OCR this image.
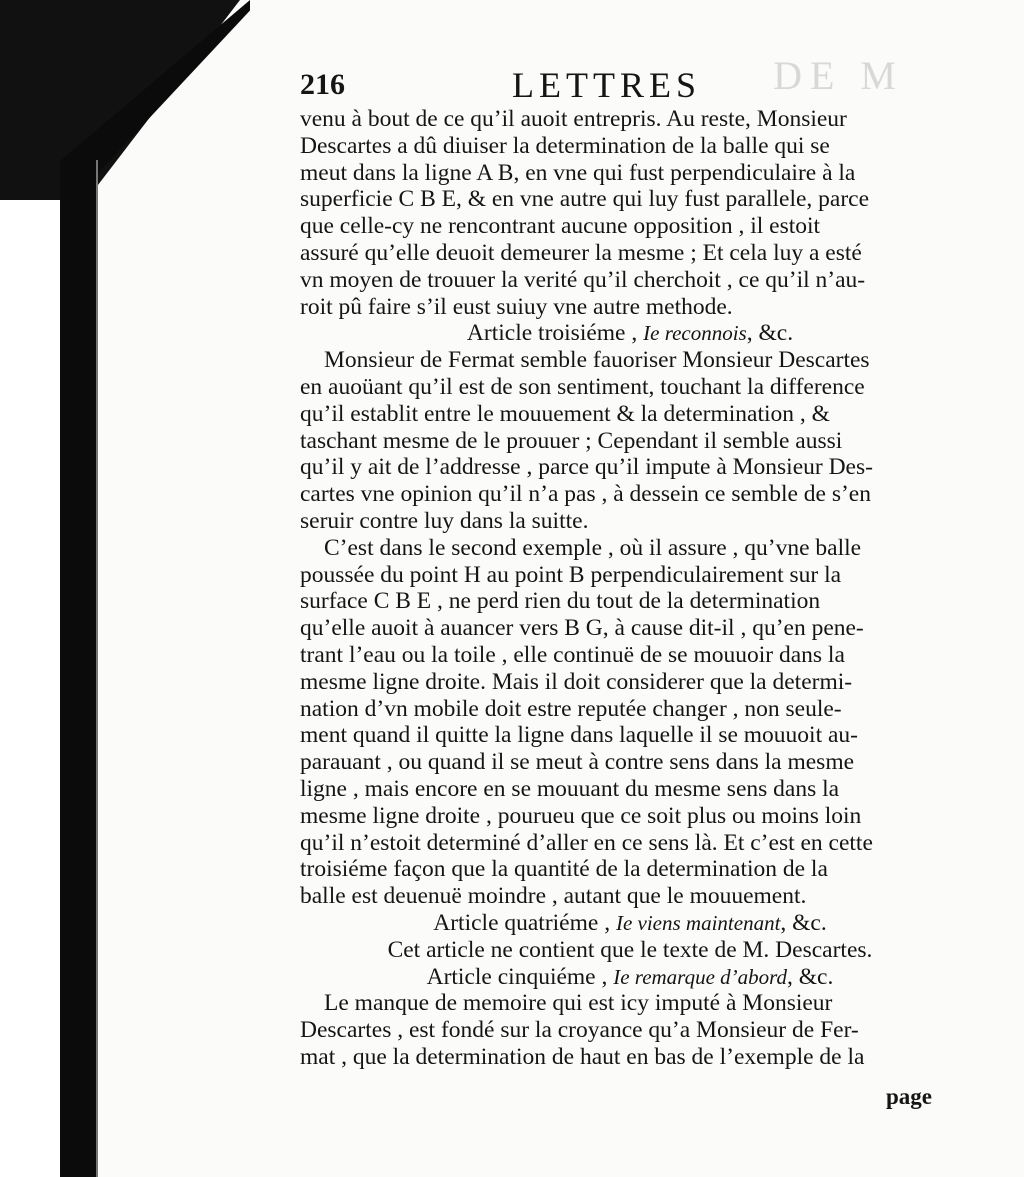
DE M
216	LETTRES
venu à bout de ce qu’il auoit entrepris. Au reste, Monsieur
Descartes a dû diuiser la determination de la balle qui se
meut dans la ligne A B, en vne qui fust perpendiculaire à la
superficie C B E, & en vne autre qui luy fust parallele, parce
que celle-cy ne rencontrant aucune opposition , il estoit
assuré qu’elle deuoit demeurer la mesme ; Et cela luy a esté
vn moyen de trouuer la verité qu’il cherchoit , ce qu’il n’au-
roit pû faire s’il eust suiuy vne autre methode.
Article troisiéme , Ie reconnois, &c.
Monsieur de Fermat semble fauoriser Monsieur Descartes
en auoüant qu’il est de son sentiment, touchant la difference
qu’il establit entre le mouuement & la determination , &
taschant mesme de le prouuer ; Cependant il semble aussi
qu’il y ait de l’addresse , parce qu’il impute à Monsieur Des-
cartes vne opinion qu’il n’a pas , à dessein ce semble de s’en
seruir contre luy dans la suitte.
C’est dans le second exemple , où il assure , qu’vne balle
poussée du point H au point B perpendiculairement sur la
surface C B E , ne perd rien du tout de la determination
qu’elle auoit à auancer vers B G, à cause dit-il , qu’en pene-
trant l’eau ou la toile , elle continuë de se mouuoir dans la
mesme ligne droite. Mais il doit considerer que la determi-
nation d’vn mobile doit estre reputée changer , non seule-
ment quand il quitte la ligne dans laquelle il se mouuoit au-
parauant , ou quand il se meut à contre sens dans la mesme
ligne , mais encore en se mouuant du mesme sens dans la
mesme ligne droite , pourueu que ce soit plus ou moins loin
qu’il n’estoit determiné d’aller en ce sens là. Et c’est en cette
troisiéme façon que la quantité de la determination de la
balle est deuenuë moindre , autant que le mouuement.
Article quatriéme , Ie viens maintenant, &c.
Cet article ne contient que le texte de M. Descartes.
Article cinquiéme , Ie remarque d’abord, &c.
Le manque de memoire qui est icy imputé à Monsieur
Descartes , est fondé sur la croyance qu’a Monsieur de Fer-
mat , que la determination de haut en bas de l’exemple de la
page
